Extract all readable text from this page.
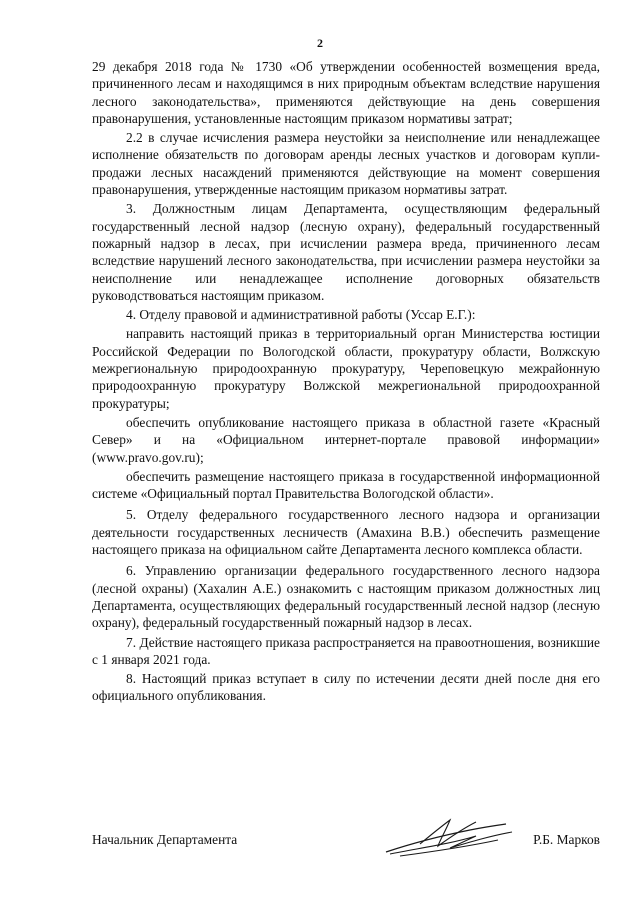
2

29 декабря 2018 года № 1730 «Об утверждении особенностей возмещения вреда, причиненного лесам и находящимся в них природным объектам вследствие нарушения лесного законодательства», применяются действующие на день совершения правонарушения, установленные настоящим приказом нормативы затрат;

2.2 в случае исчисления размера неустойки за неисполнение или ненадлежащее исполнение обязательств по договорам аренды лесных участков и договорам купли-продажи лесных насаждений применяются действующие на момент совершения правонарушения, утвержденные настоящим приказом нормативы затрат.

3. Должностным лицам Департамента, осуществляющим федеральный государственный лесной надзор (лесную охрану), федеральный государственный пожарный надзор в лесах, при исчислении размера вреда, причиненного лесам вследствие нарушений лесного законодательства, при исчислении размера неустойки за неисполнение или ненадлежащее исполнение договорных обязательств руководствоваться настоящим приказом.

4. Отделу правовой и административной работы (Уссар Е.Г.):

направить настоящий приказ в территориальный орган Министерства юстиции Российской Федерации по Вологодской области, прокуратуру области, Волжскую межрегиональную природоохранную прокуратуру, Череповецкую межрайонную природоохранную прокуратуру Волжской межрегиональной природоохранной прокуратуры;

обеспечить опубликование настоящего приказа в областной газете «Красный Север» и на «Официальном интернет-портале правовой информации» (www.pravo.gov.ru);

обеспечить размещение настоящего приказа в государственной информационной системе «Официальный портал Правительства Вологодской области».

5. Отделу федерального государственного лесного надзора и организации деятельности государственных лесничеств (Амахина В.В.) обеспечить размещение настоящего приказа на официальном сайте Департамента лесного комплекса области.

6. Управлению организации федерального государственного лесного надзора (лесной охраны) (Хахалин А.Е.) ознакомить с настоящим приказом должностных лиц Департамента, осуществляющих федеральный государственный лесной надзор (лесную охрану), федеральный государственный пожарный надзор в лесах.

7. Действие настоящего приказа распространяется на правоотношения, возникшие с 1 января 2021 года.

8. Настоящий приказ вступает в силу по истечении десяти дней после дня его официального опубликования.

Начальник Департамента	Р.Б. Марков
